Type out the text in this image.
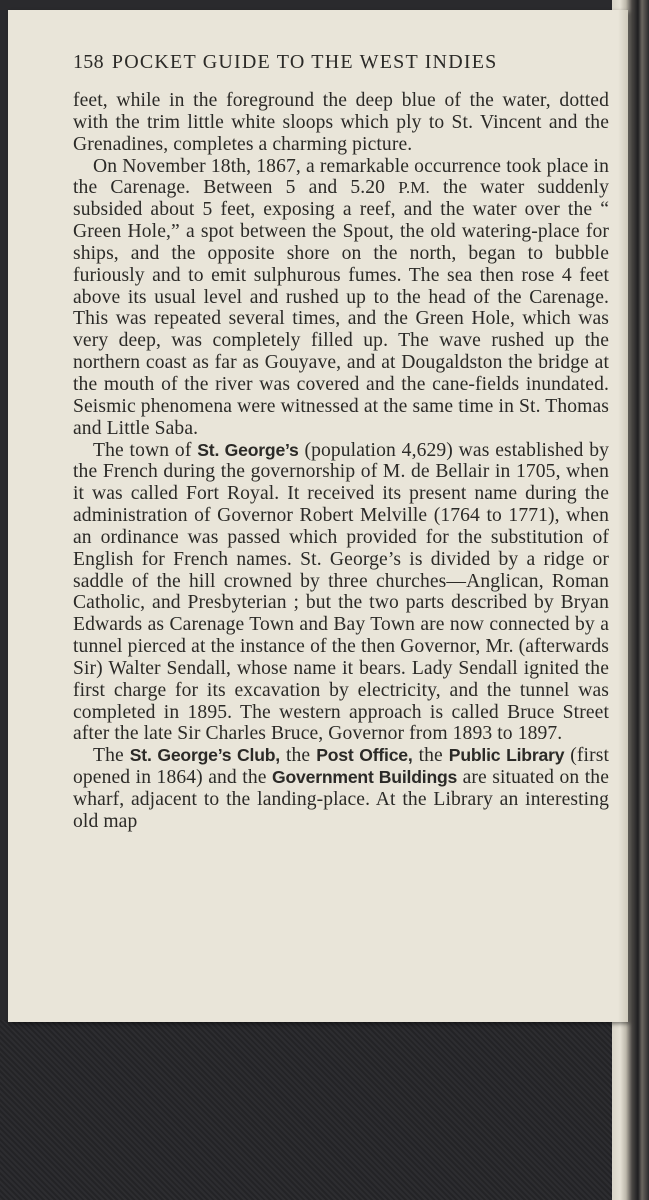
158 POCKET GUIDE TO THE WEST INDIES

feet, while in the foreground the deep blue of the water, dotted with the trim little white sloops which ply to St. Vincent and the Grenadines, completes a charming picture.

On November 18th, 1867, a remarkable occurrence took place in the Carenage. Between 5 and 5.20 P.M. the water suddenly subsided about 5 feet, exposing a reef, and the water over the “ Green Hole,” a spot between the Spout, the old watering-place for ships, and the opposite shore on the north, began to bubble furiously and to emit sulphurous fumes. The sea then rose 4 feet above its usual level and rushed up to the head of the Carenage. This was repeated several times, and the Green Hole, which was very deep, was completely filled up. The wave rushed up the northern coast as far as Gouyave, and at Dougaldston the bridge at the mouth of the river was covered and the cane-fields inundated. Seismic phenomena were witnessed at the same time in St. Thomas and Little Saba.

The town of St. George’s (population 4,629) was established by the French during the governorship of M. de Bellair in 1705, when it was called Fort Royal. It received its present name during the administration of Governor Robert Melville (1764 to 1771), when an ordinance was passed which provided for the substitution of English for French names. St. George’s is divided by a ridge or saddle of the hill crowned by three churches—Anglican, Roman Catholic, and Presbyterian ; but the two parts described by Bryan Edwards as Carenage Town and Bay Town are now connected by a tunnel pierced at the instance of the then Governor, Mr. (afterwards Sir) Walter Sendall, whose name it bears. Lady Sendall ignited the first charge for its excavation by electricity, and the tunnel was completed in 1895. The western approach is called Bruce Street after the late Sir Charles Bruce, Governor from 1893 to 1897.

The St. George’s Club, the Post Office, the Public Library (first opened in 1864) and the Government Buildings are situated on the wharf, adjacent to the landing-place. At the Library an interesting old map
